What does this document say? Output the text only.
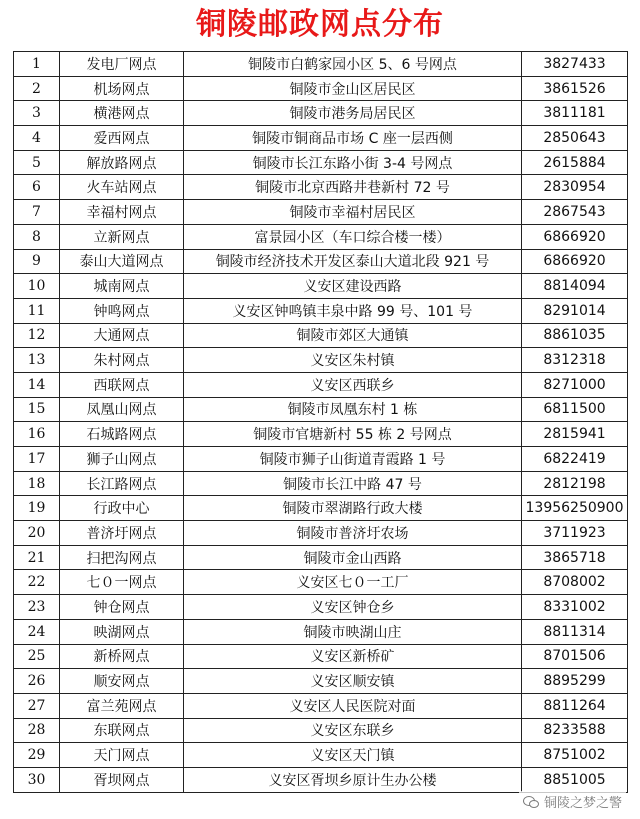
铜陵邮政网点分布
1	发电厂网点	铜陵市白鹤家园小区 5、6 号网点	3827433
2	机场网点	铜陵市金山区居民区	3861526
3	横港网点	铜陵市港务局居民区	3811181
4	爱西网点	铜陵市铜商品市场 C 座一层西侧	2850643
5	解放路网点	铜陵市长江东路小街 3-4 号网点	2615884
6	火车站网点	铜陵市北京西路井巷新村 72 号	2830954
7	幸福村网点	铜陵市幸福村居民区	2867543
8	立新网点	富景园小区（车口综合楼一楼）	6866920
9	泰山大道网点	铜陵市经济技术开发区泰山大道北段 921 号	6866920
10	城南网点	义安区建设西路	8814094
11	钟鸣网点	义安区钟鸣镇丰泉中路 99 号、101 号	8291014
12	大通网点	铜陵市郊区大通镇	8861035
13	朱村网点	义安区朱村镇	8312318
14	西联网点	义安区西联乡	8271000
15	凤凰山网点	铜陵市凤凰东村 1 栋	6811500
16	石城路网点	铜陵市官塘新村 55 栋 2 号网点	2815941
17	狮子山网点	铜陵市狮子山街道青霞路 1 号	6822419
18	长江路网点	铜陵市长江中路 47 号	2812198
19	行政中心	铜陵市翠湖路行政大楼	13956250900
20	普济圩网点	铜陵市普济圩农场	3711923
21	扫把沟网点	铜陵市金山西路	3865718
22	七０一网点	义安区七０一工厂	8708002
23	钟仓网点	义安区钟仓乡	8331002
24	映湖网点	铜陵市映湖山庄	8811314
25	新桥网点	义安区新桥矿	8701506
26	顺安网点	义安区顺安镇	8895299
27	富兰苑网点	义安区人民医院对面	8811264
28	东联网点	义安区东联乡	8233588
29	天门网点	义安区天门镇	8751002
30	胥坝网点	义安区胥坝乡原计生办公楼	8851005
铜陵之梦之警
